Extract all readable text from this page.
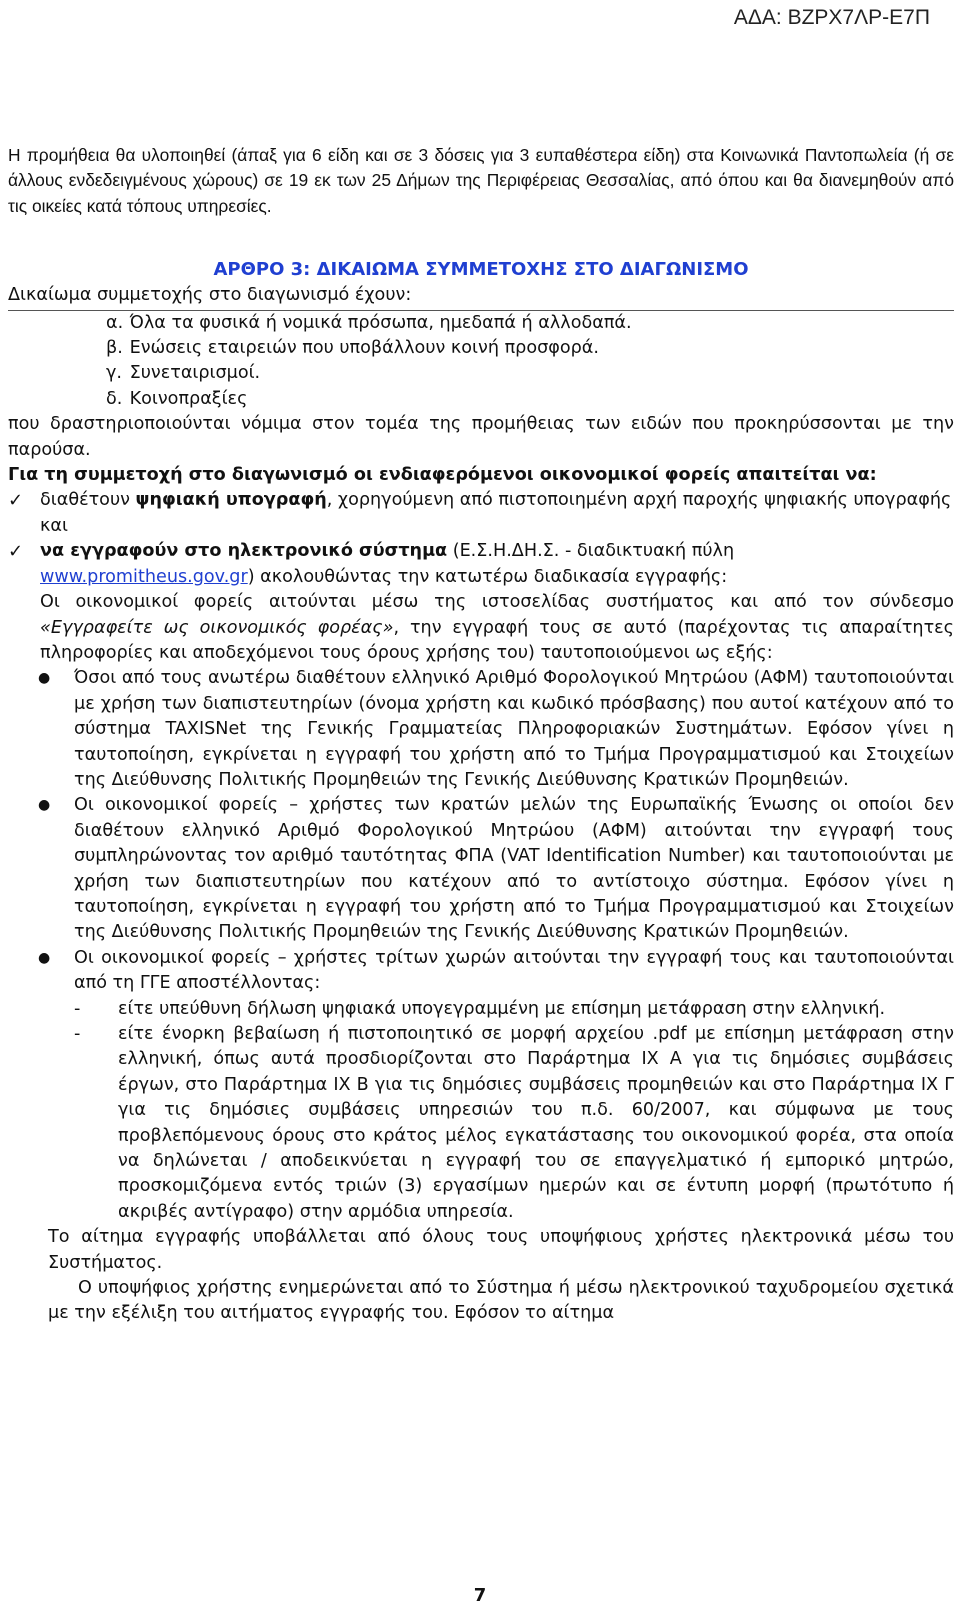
ΑΔΑ: ΒΖΡΧ7ΛΡ-Ε7Π

Η προμήθεια θα υλοποιηθεί (άπαξ για 6 είδη και σε 3 δόσεις για 3 ευπαθέστερα είδη) στα Κοινωνικά Παντοπωλεία (ή σε άλλους ενδεδειγμένους χώρους) σε 19 εκ των 25 Δήμων της Περιφέρειας Θεσσαλίας, από όπου και θα διανεμηθούν από τις οικείες κατά τόπους υπηρεσίες.

ΑΡΘΡΟ 3: ΔΙΚΑΙΩΜΑ ΣΥΜΜΕΤΟΧΗΣ ΣΤΟ ΔΙΑΓΩΝΙΣΜΟ

Δικαίωμα συμμετοχής στο διαγωνισμό έχουν:

α. Όλα τα φυσικά ή νομικά πρόσωπα, ημεδαπά ή αλλοδαπά.
β. Ενώσεις εταιρειών που υποβάλλουν κοινή προσφορά.
γ. Συνεταιρισμοί.
δ. Κοινοπραξίες

που δραστηριοποιούνται νόμιμα στον τομέα της προμήθειας των ειδών που προκηρύσσονται με την παρούσα.

Για τη συμμετοχή στο διαγωνισμό οι ενδιαφερόμενοι οικονομικοί φορείς απαιτείται να:

✓ διαθέτουν ψηφιακή υπογραφή, χορηγούμενη από πιστοποιημένη αρχή παροχής ψηφιακής υπογραφής
και
✓ να εγγραφούν στο ηλεκτρονικό σύστημα (Ε.Σ.Η.ΔΗ.Σ. - διαδικτυακή πύλη

www.promitheus.gov.gr) ακολουθώντας την κατωτέρω διαδικασία εγγραφής:

Οι οικονομικοί φορείς αιτούνται μέσω της ιστοσελίδας συστήματος και από τον σύνδεσμο «Εγγραφείτε ως οικονομικός φορέας», την εγγραφή τους σε αυτό (παρέχοντας τις απαραίτητες πληροφορίες και αποδεχόμενοι τους όρους χρήσης του) ταυτοποιούμενοι ως εξής:

●	Όσοι από τους ανωτέρω διαθέτουν ελληνικό Αριθμό Φορολογικού Μητρώου (ΑΦΜ) ταυτοποιούνται με χρήση των διαπιστευτηρίων (όνομα χρήστη και κωδικό πρόσβασης) που αυτοί κατέχουν από το σύστημα TAXISNet της Γενικής Γραμματείας Πληροφοριακών Συστημάτων. Εφόσον γίνει η ταυτοποίηση, εγκρίνεται η εγγραφή του χρήστη από το Τμήμα Προγραμματισμού και Στοιχείων της Διεύθυνσης Πολιτικής Προμηθειών της Γενικής Διεύθυνσης Κρατικών Προμηθειών.
●	Οι οικονομικοί φορείς – χρήστες των κρατών μελών της Ευρωπαϊκής Ένωσης οι οποίοι δεν διαθέτουν ελληνικό Αριθμό Φορολογικού Μητρώου (ΑΦΜ) αιτούνται την εγγραφή τους συμπληρώνοντας τον αριθμό ταυτότητας ΦΠΑ (VAT Identification Number) και ταυτοποιούνται με χρήση των διαπιστευτηρίων που κατέχουν από το αντίστοιχο σύστημα. Εφόσον γίνει η ταυτοποίηση, εγκρίνεται η εγγραφή του χρήστη από το Τμήμα Προγραμματισμού και Στοιχείων της Διεύθυνσης Πολιτικής Προμηθειών της Γενικής Διεύθυνσης Κρατικών Προμηθειών.
●	Οι οικονομικοί φορείς – χρήστες τρίτων χωρών αιτούνται την εγγραφή τους και ταυτοποιούνται από τη ΓΓΕ αποστέλλοντας:
-	είτε υπεύθυνη δήλωση ψηφιακά υπογεγραμμένη με επίσημη μετάφραση στην ελληνική.
-	είτε ένορκη βεβαίωση ή πιστοποιητικό σε μορφή αρχείου .pdf με επίσημη μετάφραση στην ελληνική, όπως αυτά προσδιορίζονται στο Παράρτημα ΙΧ Α για τις δημόσιες συμβάσεις έργων, στο Παράρτημα ΙΧ Β για τις δημόσιες συμβάσεις προμηθειών και στο Παράρτημα ΙΧ Γ για τις δημόσιες συμβάσεις υπηρεσιών του π.δ. 60/2007, και σύμφωνα με τους προβλεπόμενους όρους στο κράτος μέλος εγκατάστασης του οικονομικού φορέα, στα οποία να δηλώνεται / αποδεικνύεται η εγγραφή του σε επαγγελματικό ή εμπορικό μητρώο, προσκομιζόμενα εντός τριών (3) εργασίμων ημερών και σε έντυπη μορφή (πρωτότυπο ή ακριβές αντίγραφο) στην αρμόδια υπηρεσία.

Το αίτημα εγγραφής υποβάλλεται από όλους τους υποψήφιους χρήστες ηλεκτρονικά μέσω του Συστήματος.

Ο υποψήφιος χρήστης ενημερώνεται από το Σύστημα ή μέσω ηλεκτρονικού ταχυδρομείου σχετικά με την εξέλιξη του αιτήματος εγγραφής του. Εφόσον το αίτημα

7
